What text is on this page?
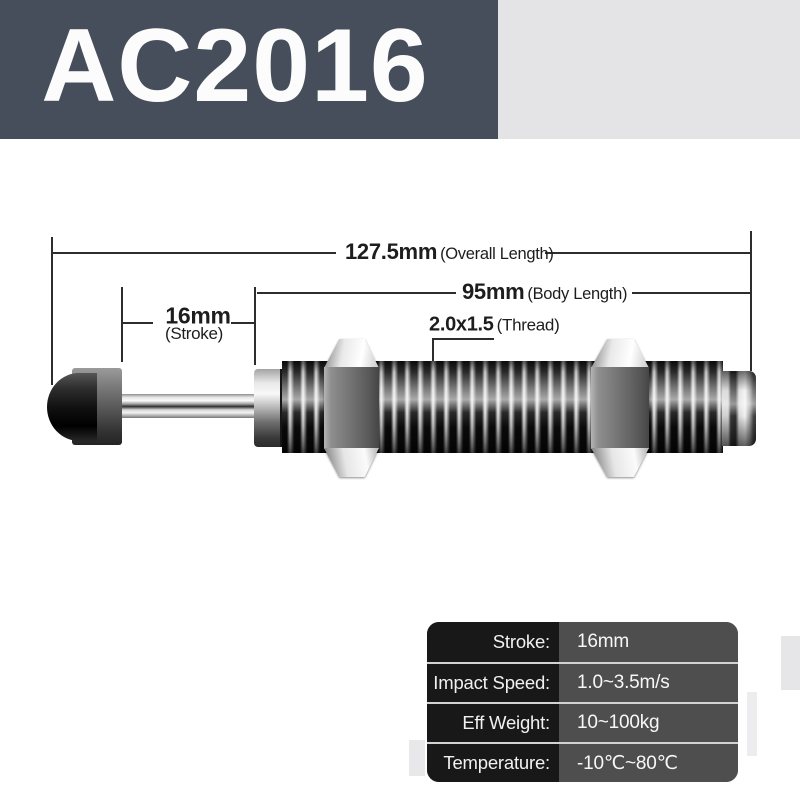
AC2016
127.5mm (Overall Length)
95mm (Body Length)
16mm
(Stroke)	2.0x1.5 (Thread)
Stroke:	16mm
Impact Speed:	1.0~3.5m/s
Eff Weight:	10~100kg
Temperature:	-10℃~80℃
